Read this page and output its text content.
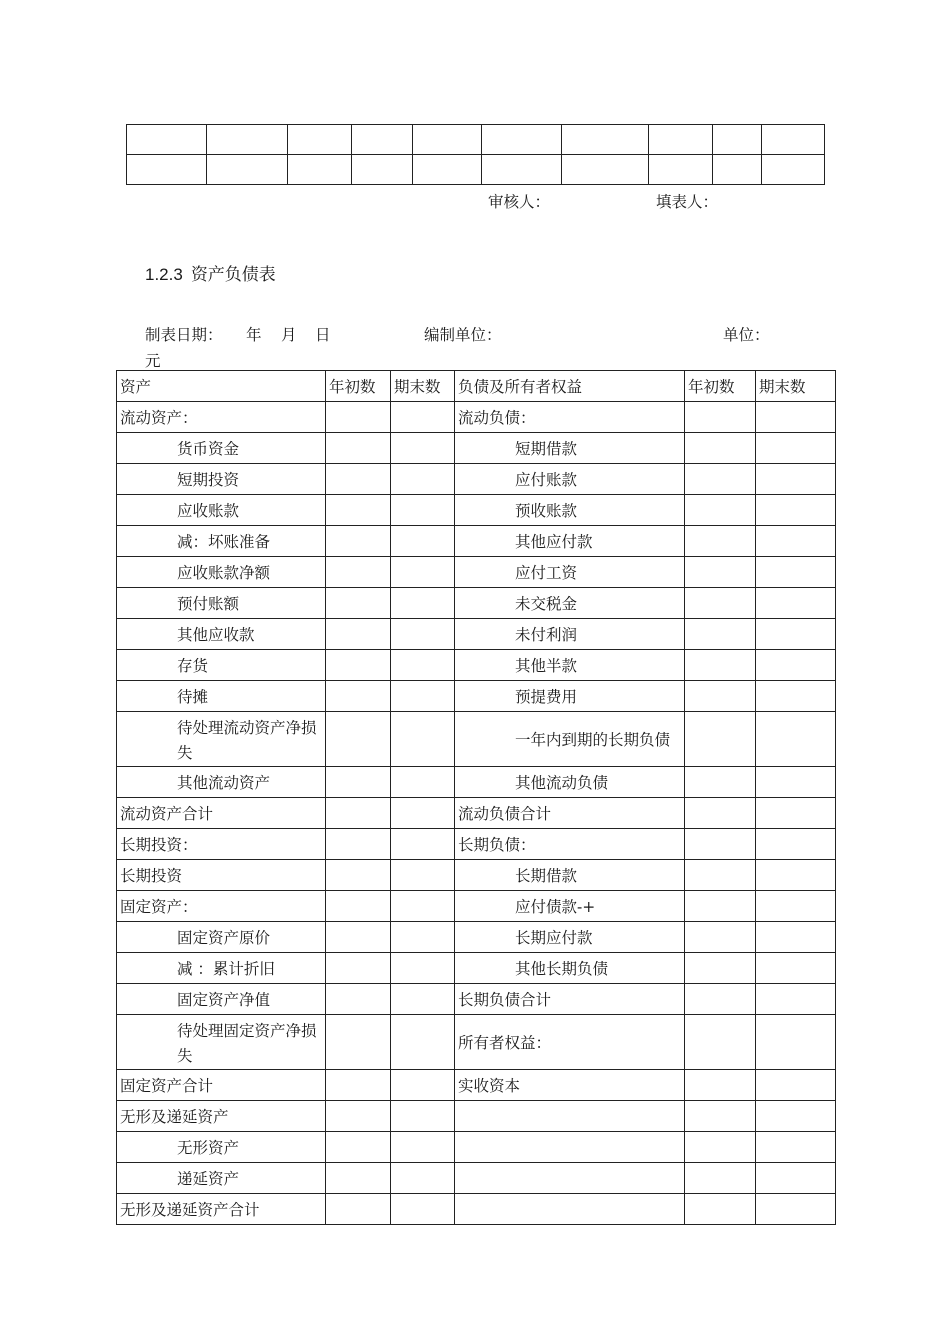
审核人：	填表人：
1.2.3 资产负债表
制表日期： 年 月 日	编制单位：	单位：
元
资产	年初数	期末数	负债及所有者权益	年初数	期末数
流动资产：			流动负债：		
货币资金			短期借款		
短期投资			应付账款		
应收账款			预收账款		
减：坏账准备			其他应付款		
应收账款净额			应付工资		
预付账额			未交税金		
其他应收款			未付利润		
存货			其他半款		
待摊			预提费用		
待处理流动资产净损失			一年内到期的长期负债		
其他流动资产			其他流动负债		
流动资产合计			流动负债合计		
长期投资：			长期负债：		
长期投资			长期借款		
固定资产：			应付债款-+		
固定资产原价			长期应付款		
减 ：累计折旧			其他长期负债		
固定资产净值			长期负债合计		
待处理固定资产净损失			所有者权益：		
固定资产合计			实收资本		
无形及递延资产					
无形资产					
递延资产					
无形及递延资产合计					
